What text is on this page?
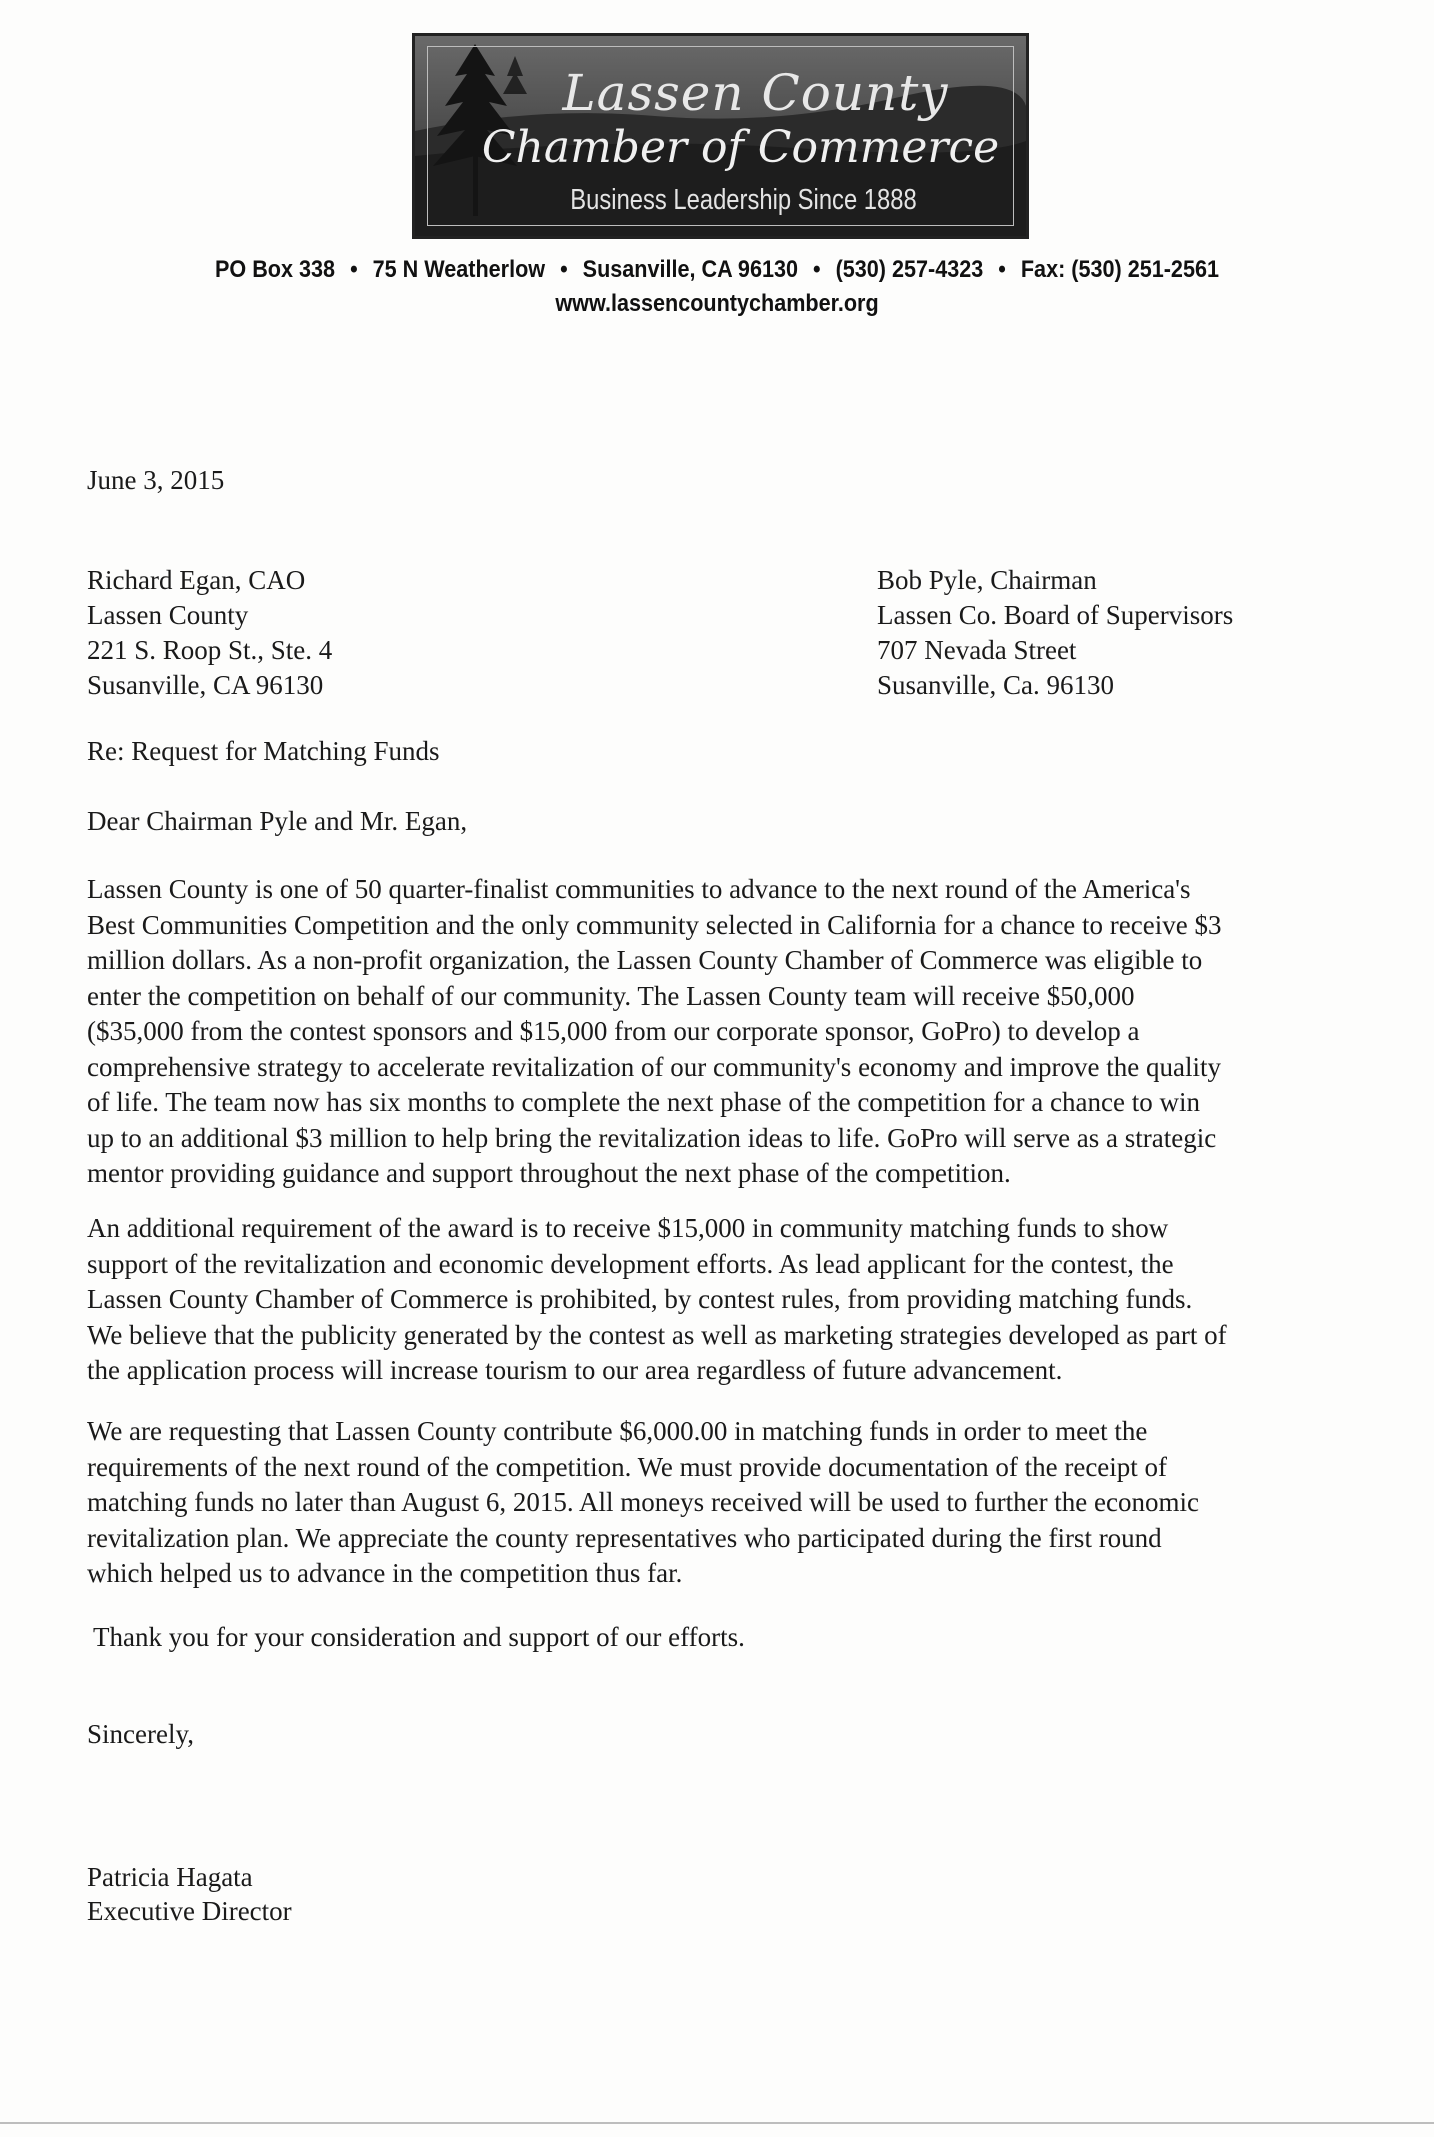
Lassen County
Chamber of Commerce
Business Leadership Since 1888
PO Box 338 • 75 N Weatherlow • Susanville, CA 96130 • (530) 257-4323 • Fax: (530) 251-2561
www.lassencountychamber.org
June 3, 2015
Richard Egan, CAO
Lassen County
221 S. Roop St., Ste. 4
Susanville, CA 96130
Bob Pyle, Chairman
Lassen Co. Board of Supervisors
707 Nevada Street
Susanville, Ca. 96130
Re: Request for Matching Funds
Dear Chairman Pyle and Mr. Egan,
Lassen County is one of 50 quarter-finalist communities to advance to the next round of the America's
Best Communities Competition and the only community selected in California for a chance to receive $3
million dollars. As a non-profit organization, the Lassen County Chamber of Commerce was eligible to
enter the competition on behalf of our community. The Lassen County team will receive $50,000
($35,000 from the contest sponsors and $15,000 from our corporate sponsor, GoPro) to develop a
comprehensive strategy to accelerate revitalization of our community's economy and improve the quality
of life. The team now has six months to complete the next phase of the competition for a chance to win
up to an additional $3 million to help bring the revitalization ideas to life. GoPro will serve as a strategic
mentor providing guidance and support throughout the next phase of the competition.
An additional requirement of the award is to receive $15,000 in community matching funds to show
support of the revitalization and economic development efforts. As lead applicant for the contest, the
Lassen County Chamber of Commerce is prohibited, by contest rules, from providing matching funds.
We believe that the publicity generated by the contest as well as marketing strategies developed as part of
the application process will increase tourism to our area regardless of future advancement.
We are requesting that Lassen County contribute $6,000.00 in matching funds in order to meet the
requirements of the next round of the competition. We must provide documentation of the receipt of
matching funds no later than August 6, 2015. All moneys received will be used to further the economic
revitalization plan. We appreciate the county representatives who participated during the first round
which helped us to advance in the competition thus far.
Thank you for your consideration and support of our efforts.
Sincerely,
Patricia Hagata
Executive Director
